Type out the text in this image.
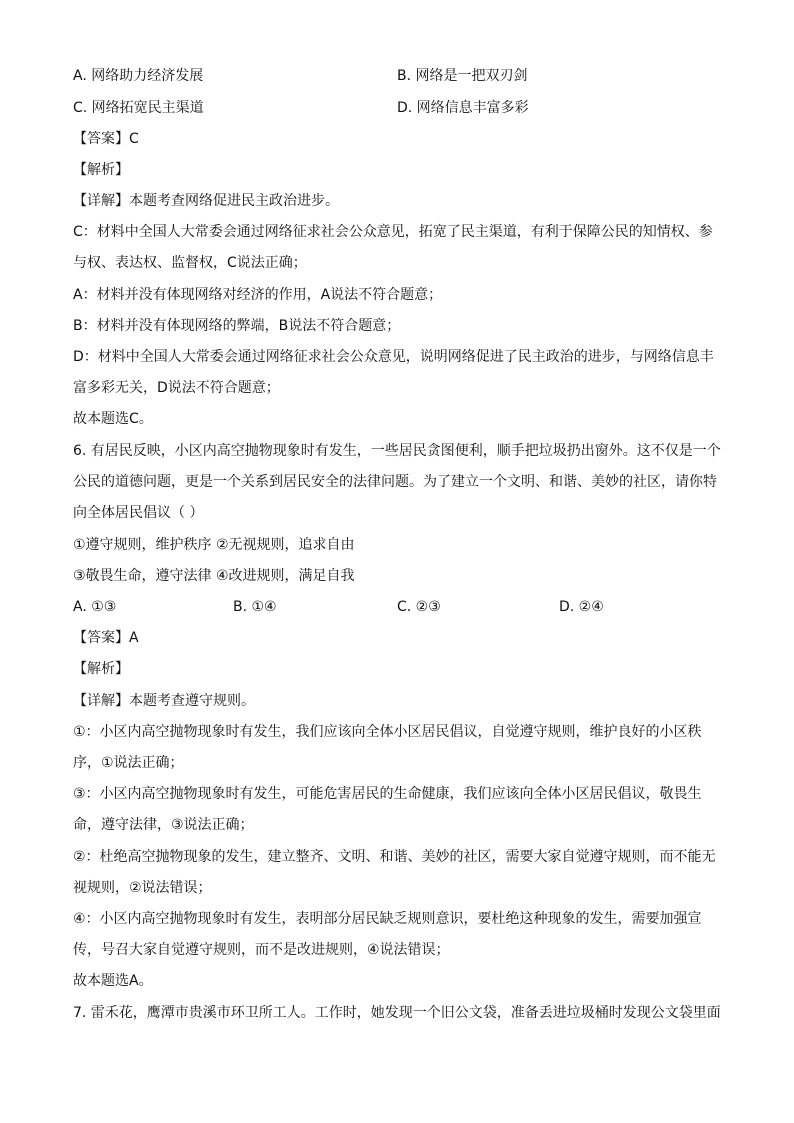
A. 网络助力经济发展	B. 网络是一把双刃剑
C. 网络拓宽民主渠道	D. 网络信息丰富多彩
【答案】C
【解析】
【详解】本题考查网络促进民主政治进步。
C：材料中全国人大常委会通过网络征求社会公众意见，拓宽了民主渠道，有利于保障公民的知情权、参
与权、表达权、监督权，C说法正确；
A：材料并没有体现网络对经济的作用，A说法不符合题意；
B：材料并没有体现网络的弊端，B说法不符合题意；
D：材料中全国人大常委会通过网络征求社会公众意见，说明网络促进了民主政治的进步，与网络信息丰
富多彩无关，D说法不符合题意；
故本题选C。
6. 有居民反映，小区内高空抛物现象时有发生，一些居民贪图便利，顺手把垃圾扔出窗外。这不仅是一个
公民的道德问题，更是一个关系到居民安全的法律问题。为了建立一个文明、和谐、美妙的社区，请你特
向全体居民倡议（ ）
①遵守规则，维护秩序 ②无视规则，追求自由
③敬畏生命，遵守法律 ④改进规则，满足自我
A. ①③	B. ①④	C. ②③	D. ②④
【答案】A
【解析】
【详解】本题考查遵守规则。
①：小区内高空抛物现象时有发生，我们应该向全体小区居民倡议，自觉遵守规则，维护良好的小区秩
序，①说法正确；
③：小区内高空抛物现象时有发生，可能危害居民的生命健康，我们应该向全体小区居民倡议，敬畏生
命，遵守法律，③说法正确；
②：杜绝高空抛物现象的发生，建立整齐、文明、和谐、美妙的社区，需要大家自觉遵守规则，而不能无
视规则，②说法错误；
④：小区内高空抛物现象时有发生，表明部分居民缺乏规则意识，要杜绝这种现象的发生，需要加强宣
传，号召大家自觉遵守规则，而不是改进规则，④说法错误；
故本题选A。
7. 雷禾花，鹰潭市贵溪市环卫所工人。工作时，她发现一个旧公文袋，准备丢进垃圾桶时发现公文袋里面
